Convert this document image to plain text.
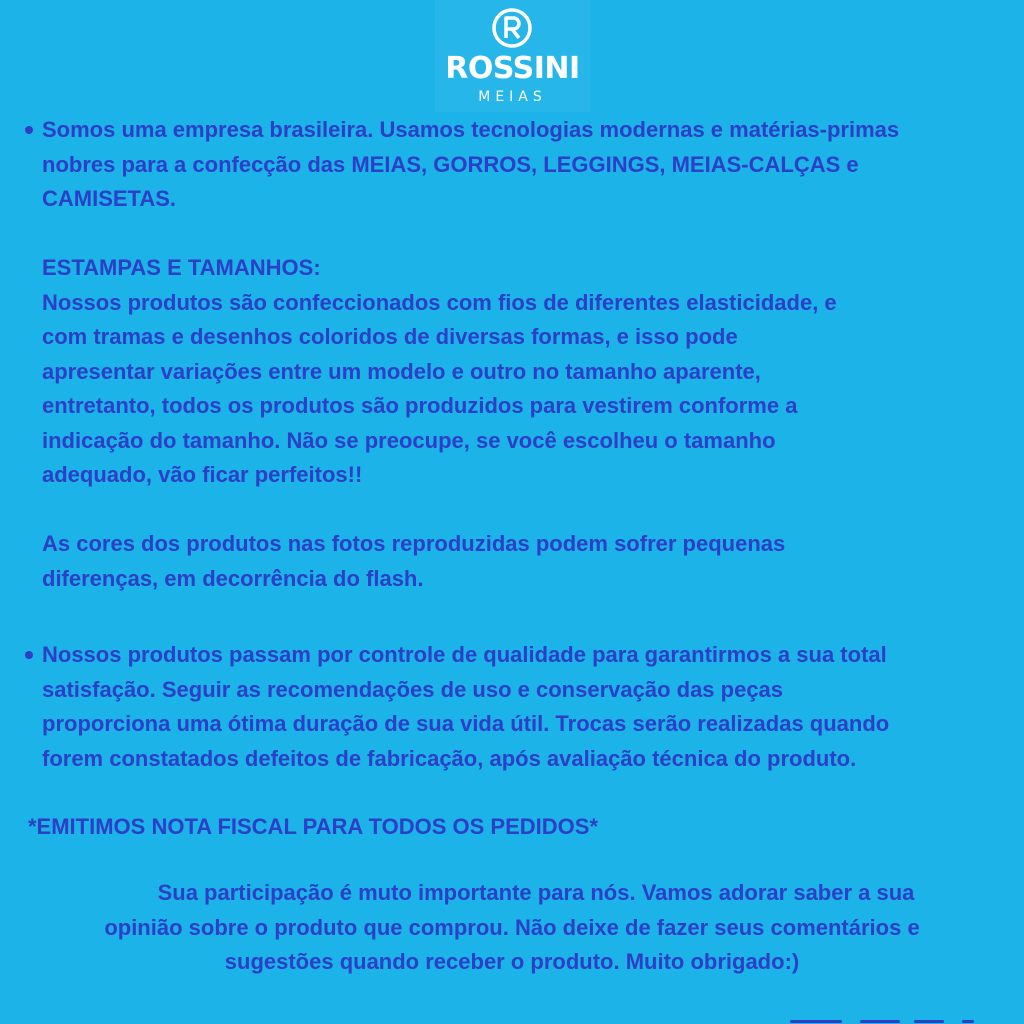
ROSSINI
MEIAS
Somos uma empresa brasileira. Usamos tecnologias modernas e matérias-primas
nobres para a confecção das MEIAS, GORROS, LEGGINGS, MEIAS-CALÇAS e
CAMISETAS.
ESTAMPAS E TAMANHOS:
Nossos produtos são confeccionados com fios de diferentes elasticidade, e
com tramas e desenhos coloridos de diversas formas, e isso pode
apresentar variações entre um modelo e outro no tamanho aparente,
entretanto, todos os produtos são produzidos para vestirem conforme a
indicação do tamanho. Não se preocupe, se você escolheu o tamanho
adequado, vão ficar perfeitos!!
As cores dos produtos nas fotos reproduzidas podem sofrer pequenas
diferenças, em decorrência do flash.
Nossos produtos passam por controle de qualidade para garantirmos a sua total
satisfação. Seguir as recomendações de uso e conservação das peças
proporciona uma ótima duração de sua vida útil. Trocas serão realizadas quando
forem constatados defeitos de fabricação, após avaliação técnica do produto.
*EMITIMOS NOTA FISCAL PARA TODOS OS PEDIDOS*
Sua participação é muto importante para nós. Vamos adorar saber a sua
opinião sobre o produto que comprou. Não deixe de fazer seus comentários e
sugestões quando receber o produto. Muito obrigado:)
